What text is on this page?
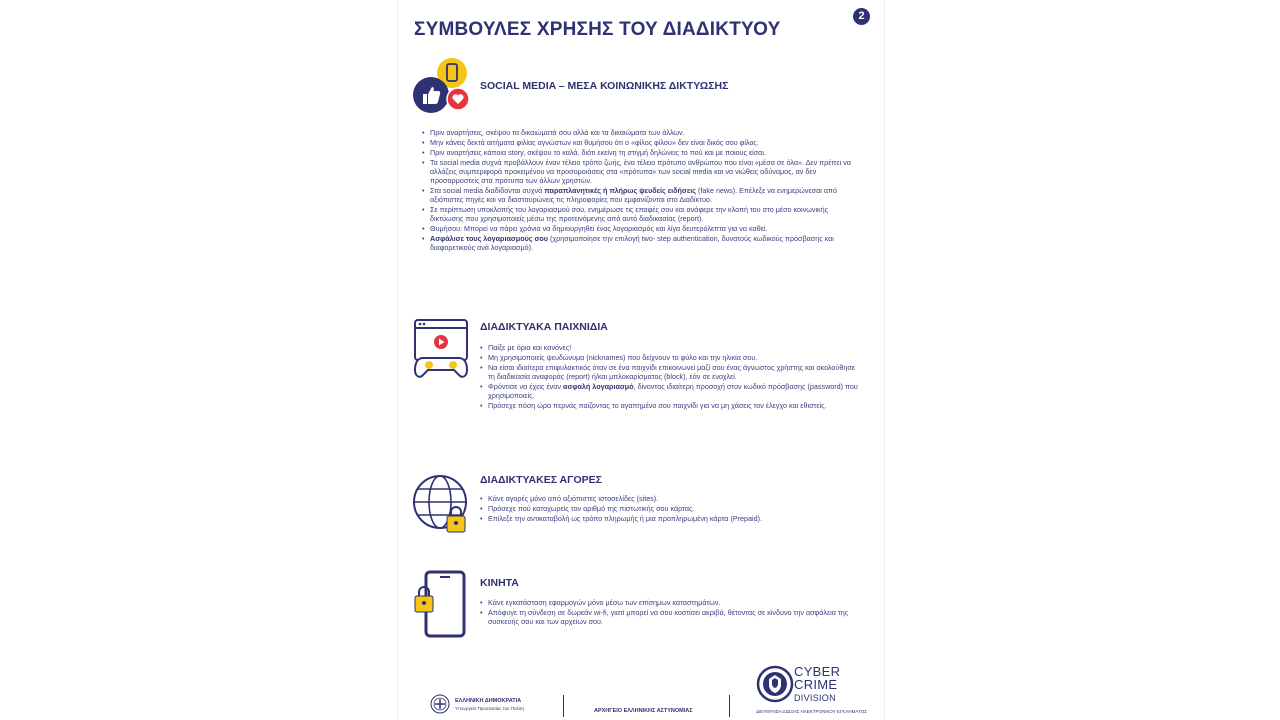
ΣΥΜΒΟΥΛΕΣ ΧΡΗΣΗΣ ΤΟΥ ΔΙΑΔΙΚΤΥΟΥ
2
SOCIAL MEDIA – ΜΕΣΑ ΚΟΙΝΩΝΙΚΗΣ ΔΙΚΤΥΩΣΗΣ
• Πριν αναρτήσεις, σκέψου τα δικαιώματά σου αλλά και τα δικαιώματα των άλλων.
• Μην κάνεις δεκτά αιτήματα φιλίας αγνώστων και θυμήσου ότι ο «φίλος φίλου» δεν είναι δικός σου φίλος.
• Πριν αναρτήσεις κάποια story, σκέψου το καλά, διότι εκείνη τη στιγμή δηλώνεις το πού και με ποιους είσαι.
• Τα social media συχνά προβάλλουν έναν τέλειο τρόπο ζωής, ένα τέλειο πρότυπο ανθρώπου που είναι «μέσα σε όλα». Δεν πρέπει να αλλάζεις συμπεριφορά προκειμένου να προσομοιάσεις στα «πρότυπα» των social media και να νιώθεις αδύναμος, αν δεν προσαρμοστείς στα πρότυπα των άλλων χρηστών.
• Στα social media διαδίδονται συχνά παραπλανητικές ή πλήρως ψευδείς ειδήσεις (fake news). Επέλεξε να ενημερώνεσαι από αξιόπιστες πηγές και να διασταυρώνεις τις πληροφορίες που εμφανίζονται στο Διαδίκτυο.
• Σε περίπτωση υποκλοπής του λογαριασμού σου, ενημέρωσε τις επαφές σου και ανάφερε την κλοπή του στο μέσο κοινωνικής δικτύωσης που χρησιμοποιείς μέσω της προτεινόμενης από αυτό διαδικασίας (report).
• Θυμήσου: Μπορεί να πάρει χρόνια να δημιουργηθεί ένας λογαριασμός και λίγα δευτερόλεπτα για να καθεί.
• Ασφάλισε τους λογαριασμούς σου (χρησιμοποίησε την επιλογή two- step authentication, δυνατούς κωδικούς πρόσβασης και διαφορετικούς ανά λογαριασμό).
ΔΙΑΔΙΚΤΥΑΚΑ ΠΑΙΧΝΙΔΙΑ
• Παίξε με όρια και κανόνες!
• Μη χρησιμοποιείς ψευδώνυμα (nicknames) που δείχνουν το φύλο και την ηλικία σου.
• Να είσαι ιδιαίτερα επιφυλακτικός όταν σε ένα παιχνίδι επικοινωνεί μαζί σου ένας άγνωστος χρήστης και ακολούθησε τη διαδικασία αναφοράς (report) ή/και μπλοκαρίσματος (block), εάν σε ενοχλεί.
• Φρόντισε να έχεις έναν ασφαλή λογαριασμό, δίνοντας ιδιαίτερη προσοχή στον κωδικό πρόσβασης (password) που χρησιμοποιείς.
• Πρόσεχε πόση ώρα περνάς παίζοντας το αγαπημένο σου παιχνίδι για να μη χάσεις τον έλεγχο και εθιστείς.
ΔΙΑΔΙΚΤΥΑΚΕΣ ΑΓΟΡΕΣ
• Κάνε αγορές μόνο από αξιόπιστες ιστοσελίδες (sites).
• Πρόσεχε πού καταχωρείς τον αριθμό της πιστωτικής σου κάρτας.
• Επίλεξε την αντικαταβολή ως τρόπο πληρωμής ή μια προπληρωμένη κάρτα (Prepaid).
ΚΙΝΗΤΑ
• Κάνε εγκατάσταση εφαρμογών μόνο μέσω των επίσημων καταστημάτων.
• Απόφυγε τη σύνδεση σε δωρεάν wi-fi, γιατί μπορεί να σου κοστίσει ακριβά, θέτοντας σε κίνδυνο την ασφάλεια της συσκευής σου και των αρχείων σου.
ΕΛΛΗΝΙΚΗ ΔΗΜΟΚΡΑΤΙΑ
Υπουργείο Προστασίας του Πολίτη	ΑΡΧΗΓΕΙΟ ΕΛΛΗΝΙΚΗΣ ΑΣΤΥΝΟΜΙΑΣ
CYBER
CRIME
DIVISION
ΔΙΕΥΘΥΝΣΗ ΔΙΩΞΗΣ ΗΛΕΚΤΡΟΝΙΚΟΥ ΕΓΚΛΗΜΑΤΟΣ
